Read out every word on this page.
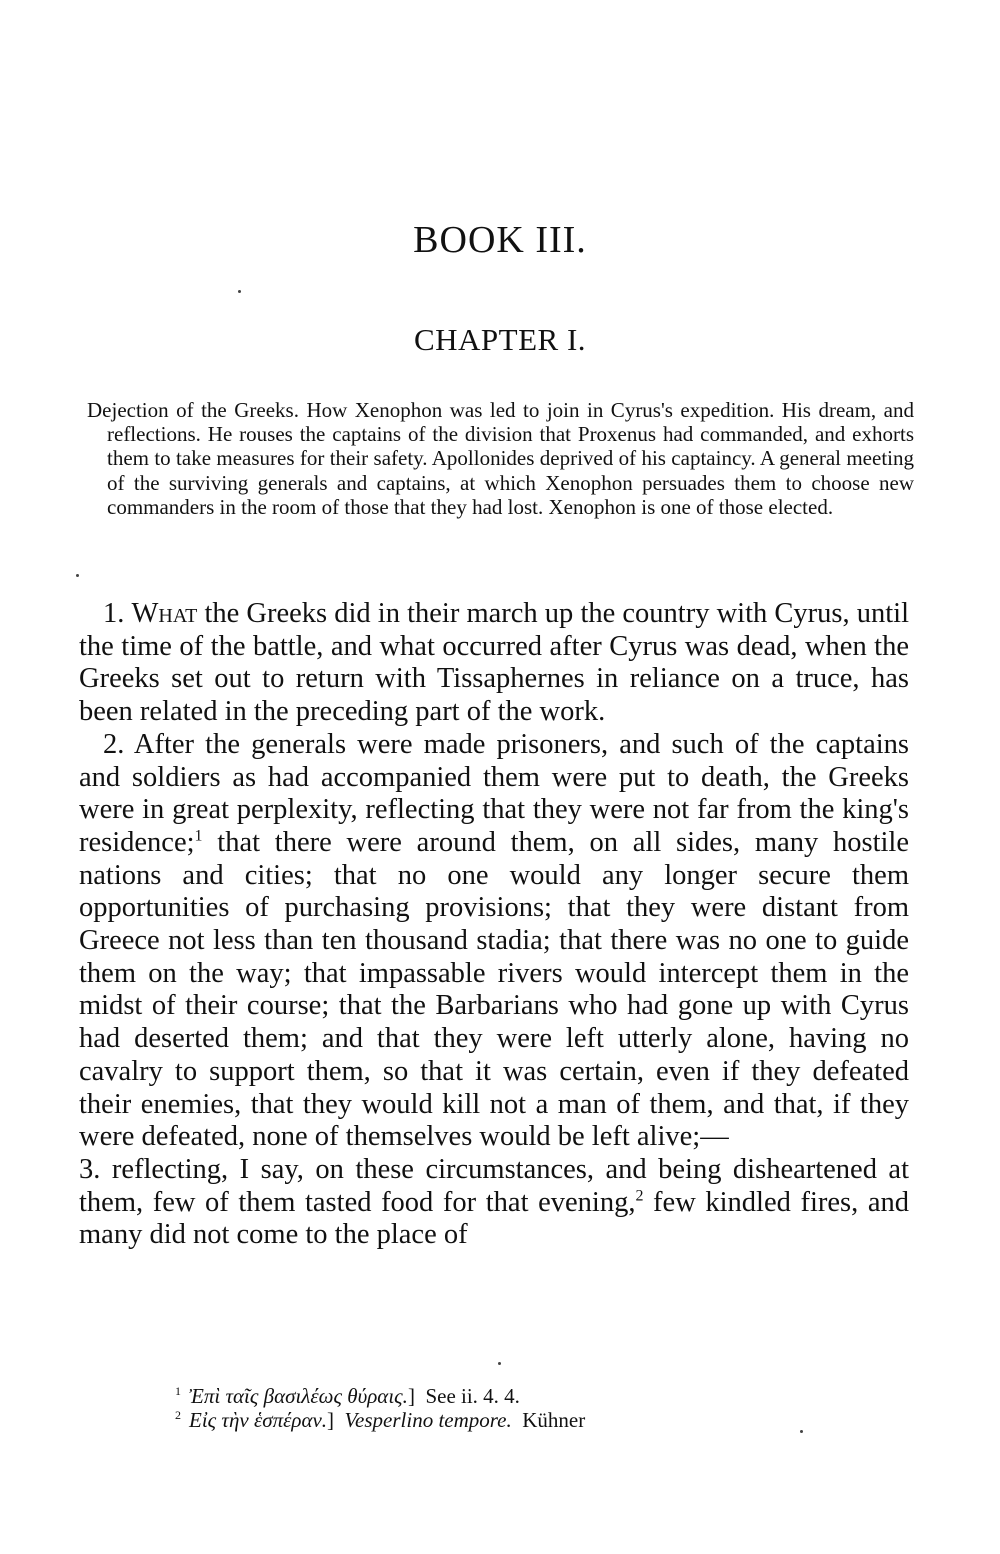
BOOK III.
CHAPTER I.

Dejection of the Greeks. How Xenophon was led to join in Cyrus's expedition. His dream, and reflections. He rouses the captains of the division that Proxenus had commanded, and exhorts them to take measures for their safety. Apollonides deprived of his captaincy. A general meeting of the surviving generals and captains, at which Xenophon persuades them to choose new commanders in the room of those that they had lost. Xenophon is one of those elected.

1. What the Greeks did in their march up the country with Cyrus, until the time of the battle, and what occurred after Cyrus was dead, when the Greeks set out to return with Tissaphernes in reliance on a truce, has been related in the preceding part of the work.

2. After the generals were made prisoners, and such of the captains and soldiers as had accompanied them were put to death, the Greeks were in great perplexity, reflecting that they were not far from the king's residence;$^1$ that there were around them, on all sides, many hostile nations and cities; that no one would any longer secure them opportunities of purchasing provisions; that they were distant from Greece not less than ten thousand stadia; that there was no one to guide them on the way; that impassable rivers would intercept them in the midst of their course; that the Barbarians who had gone up with Cyrus had deserted them; and that they were left utterly alone, having no cavalry to support them, so that it was certain, even if they defeated their enemies, that they would kill not a man of them, and that, if they were defeated, none of themselves would be left alive;—

3. reflecting, I say, on these circumstances, and being disheartened at them, few of them tasted food for that evening,$^2$ few kindled fires, and many did not come to the place of

$^1$ Ἐπὶ ταῖς βασιλέως θύραις.] See ii. 4. 4.
$^2$ Εἰς τὴν ἑσπέραν.] Vesperlino tempore. Kühner
